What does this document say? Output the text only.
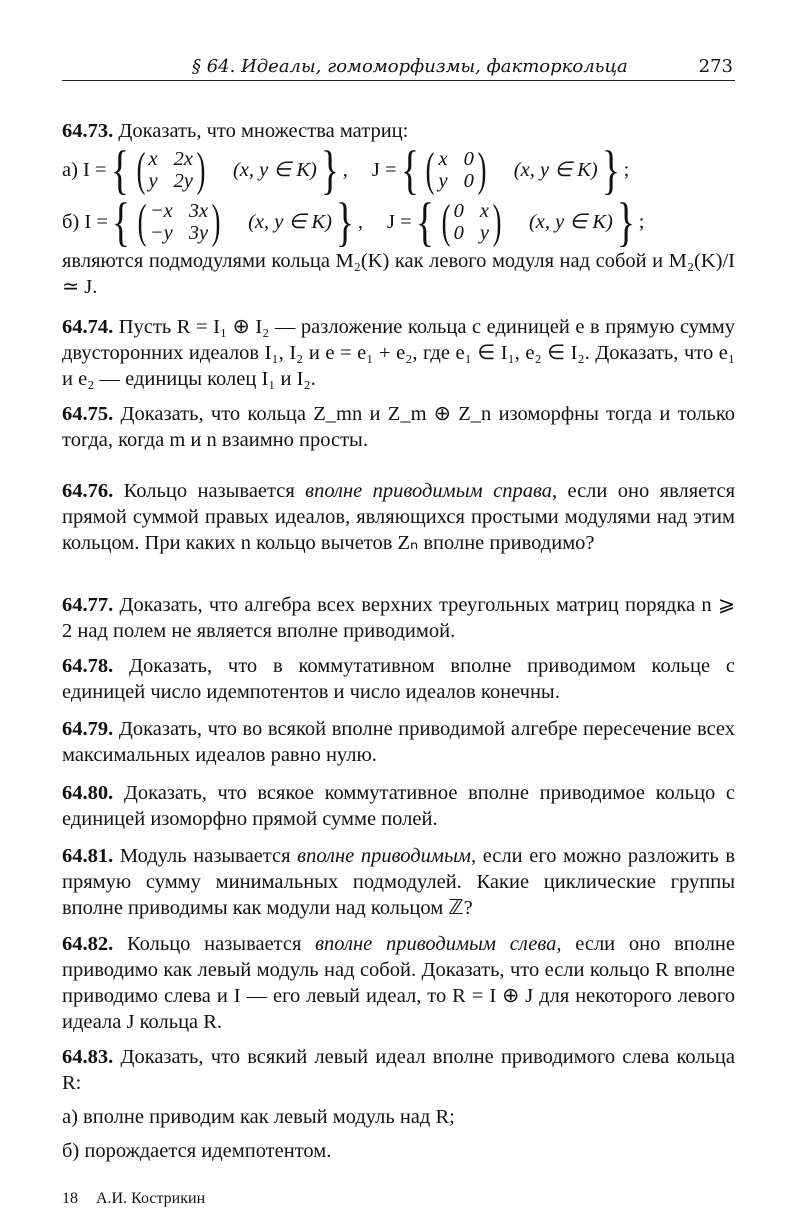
§ 64. Идеалы, гомоморфизмы, факторкольца	273
64.73. Доказать, что множества матриц:
а) I = { ( x 2x
y 2y ) (x, y ∈ K) } , J = { ( x 0
y 0 ) (x, y ∈ K) } ;
б) I = { ( −x 3x
−y 3y ) (x, y ∈ K) } , J = { ( 0 x
0 y ) (x, y ∈ K) } ;
являются подмодулями кольца M₂(K) как левого модуля над собой и M₂(K)/I ≃ J.
64.74. Пусть R = I₁ ⊕ I₂ — разложение кольца с единицей e в прямую сумму двусторонних идеалов I₁, I₂ и e = e₁ + e₂, где e₁ ∈ I₁, e₂ ∈ I₂. Доказать, что e₁ и e₂ — единицы колец I₁ и I₂.
64.75. Доказать, что кольца Z_mn и Z_m ⊕ Z_n изоморфны тогда и только тогда, когда m и n взаимно просты.
64.76. Кольцо называется вполне приводимым справа, если оно является прямой суммой правых идеалов, являющихся простыми модулями над этим кольцом. При каких n кольцо вычетов Zₙ вполне приводимо?
64.77. Доказать, что алгебра всех верхних треугольных матриц порядка n ⩾ 2 над полем не является вполне приводимой.
64.78. Доказать, что в коммутативном вполне приводимом кольце с единицей число идемпотентов и число идеалов конечны.
64.79. Доказать, что во всякой вполне приводимой алгебре пересечение всех максимальных идеалов равно нулю.
64.80. Доказать, что всякое коммутативное вполне приводимое кольцо с единицей изоморфно прямой сумме полей.
64.81. Модуль называется вполне приводимым, если его можно разложить в прямую сумму минимальных подмодулей. Какие циклические группы вполне приводимы как модули над кольцом ℤ?
64.82. Кольцо называется вполне приводимым слева, если оно вполне приводимо как левый модуль над собой. Доказать, что если кольцо R вполне приводимо слева и I — его левый идеал, то R = I ⊕ J для некоторого левого идеала J кольца R.
64.83. Доказать, что всякий левый идеал вполне приводимого слева кольца R:
а) вполне приводим как левый модуль над R;
б) порождается идемпотентом.
18 А.И. Кострикин
